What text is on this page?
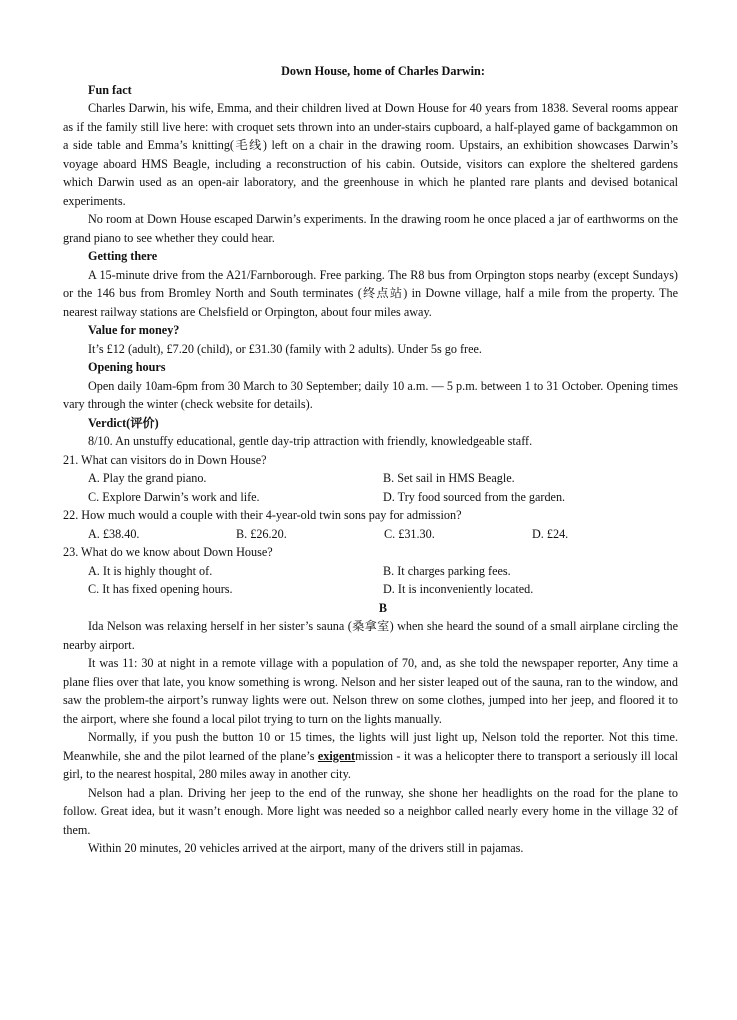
Down House, home of Charles Darwin:
Fun fact

Charles Darwin, his wife, Emma, and their children lived at Down House for 40 years from 1838. Several rooms appear as if the family still live here: with croquet sets thrown into an under-stairs cupboard, a half-played game of backgammon on a side table and Emma’s knitting(毛线) left on a chair in the drawing room. Upstairs, an exhibition showcases Darwin’s voyage aboard HMS Beagle, including a reconstruction of his cabin. Outside, visitors can explore the sheltered gardens which Darwin used as an open-air laboratory, and the greenhouse in which he planted rare plants and devised botanical experiments.

No room at Down House escaped Darwin’s experiments. In the drawing room he once placed a jar of earthworms on the grand piano to see whether they could hear.

Getting there

A 15-minute drive from the A21/Farnborough. Free parking. The R8 bus from Orpington stops nearby (except Sundays) or the 146 bus from Bromley North and South terminates (终点站) in Downe village, half a mile from the property. The nearest railway stations are Chelsfield or Orpington, about four miles away.

Value for money?

It’s £12 (adult), £7.20 (child), or £31.30 (family with 2 adults). Under 5s go free.

Opening hours

Open daily 10am-6pm from 30 March to 30 September; daily 10 a.m. — 5 p.m. between 1 to 31 October. Opening times vary through the winter (check website for details).

Verdict(评价)

8/10. An unstuffy educational, gentle day-trip attraction with friendly, knowledgeable staff.

21. What can visitors do in Down House?
A. Play the grand piano.	B. Set sail in HMS Beagle.
C. Explore Darwin’s work and life.	D. Try food sourced from the garden.
22. How much would a couple with their 4-year-old twin sons pay for admission?
A. £38.40.	B. £26.20.	C. £31.30.	D. £24.
23. What do we know about Down House?
A. It is highly thought of.	B. It charges parking fees.
C. It has fixed opening hours.	D. It is inconveniently located.
B

Ida Nelson was relaxing herself in her sister’s sauna (桑拿室) when she heard the sound of a small airplane circling the nearby airport.

It was 11: 30 at night in a remote village with a population of 70, and, as she told the newspaper reporter, Any time a plane flies over that late, you know something is wrong. Nelson and her sister leaped out of the sauna, ran to the window, and saw the problem-the airport’s runway lights were out. Nelson threw on some clothes, jumped into her jeep, and floored it to the airport, where she found a local pilot trying to turn on the lights manually.

Normally, if you push the button 10 or 15 times, the lights will just light up, Nelson told the reporter. Not this time. Meanwhile, she and the pilot learned of the plane’s exigentmission - it was a helicopter there to transport a seriously ill local girl, to the nearest hospital, 280 miles away in another city.

Nelson had a plan. Driving her jeep to the end of the runway, she shone her headlights on the road for the plane to follow. Great idea, but it wasn’t enough. More light was needed so a neighbor called nearly every home in the village 32 of them.

Within 20 minutes, 20 vehicles arrived at the airport, many of the drivers still in pajamas.
